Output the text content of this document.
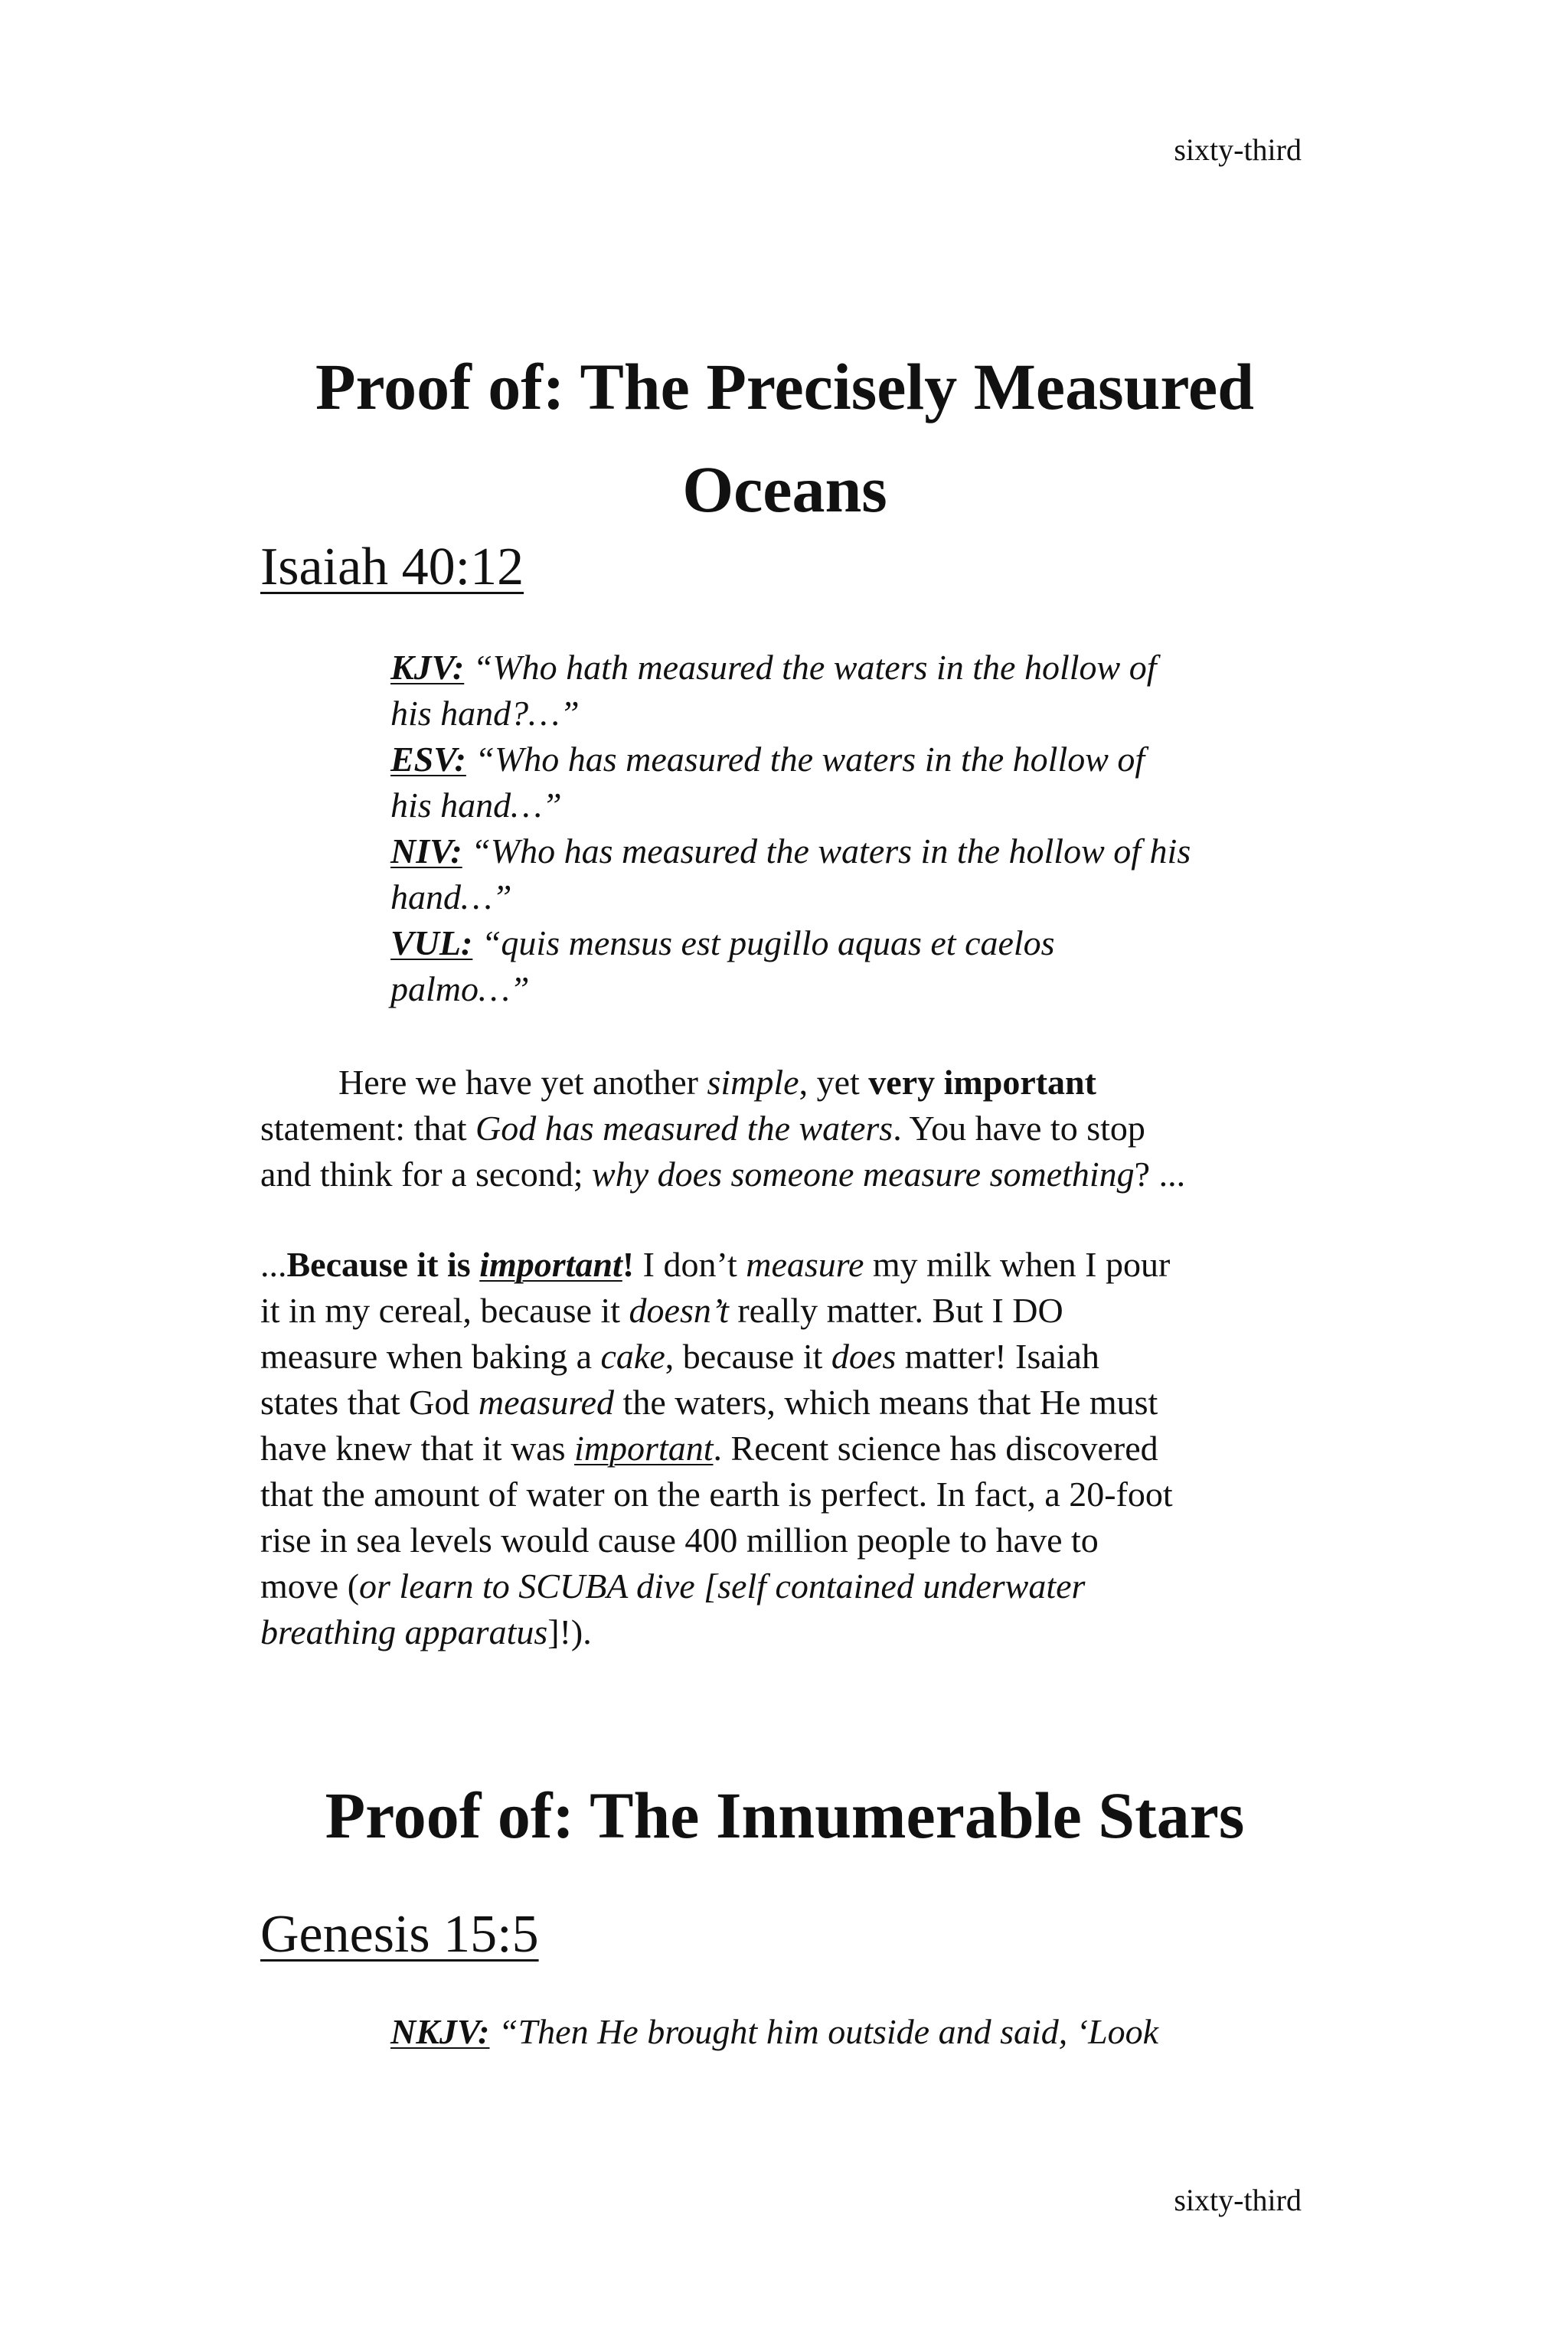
sixty-third
Proof of: The Precisely Measured
Oceans
Isaiah 40:12
KJV: “Who hath measured the waters in the hollow of
his hand?…”
ESV: “Who has measured the waters in the hollow of
his hand…”
NIV: “Who has measured the waters in the hollow of his
hand…”
VUL: “quis mensus est pugillo aquas et caelos
palmo…”
Here we have yet another simple, yet very important
statement: that God has measured the waters. You have to stop
and think for a second; why does someone measure something? ...
...Because it is important! I don’t measure my milk when I pour
it in my cereal, because it doesn’t really matter. But I DO
measure when baking a cake, because it does matter! Isaiah
states that God measured the waters, which means that He must
have knew that it was important. Recent science has discovered
that the amount of water on the earth is perfect. In fact, a 20-foot
rise in sea levels would cause 400 million people to have to
move (or learn to SCUBA dive [self contained underwater
breathing apparatus]!).
Proof of: The Innumerable Stars
Genesis 15:5
NKJV: “Then He brought him outside and said, ‘Look
sixty-third
